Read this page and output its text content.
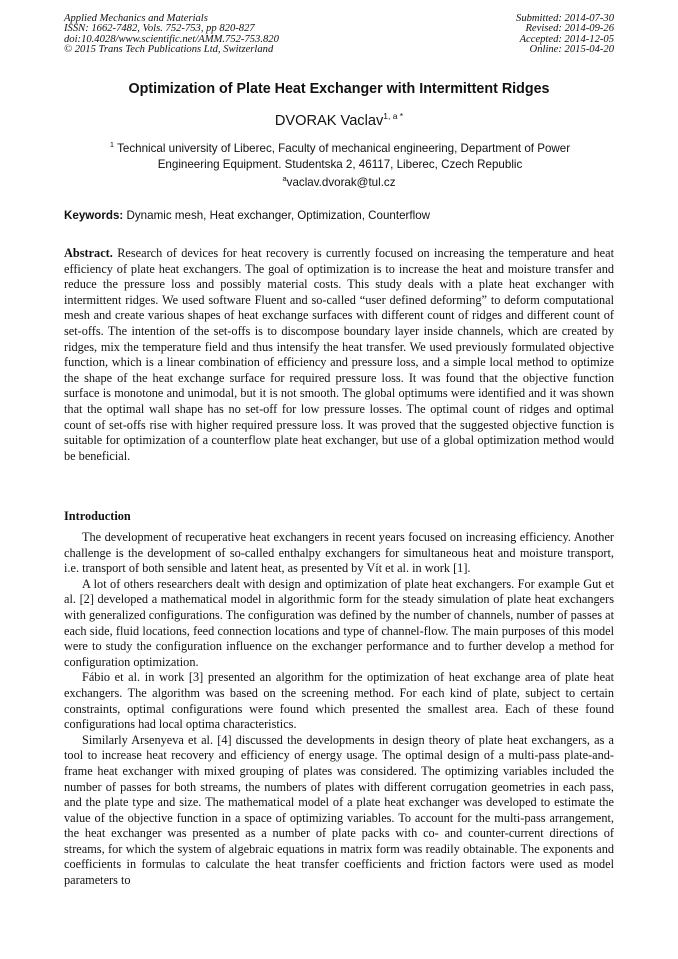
Applied Mechanics and Materials
ISSN: 1662-7482, Vols. 752-753, pp 820-827
doi:10.4028/www.scientific.net/AMM.752-753.820
© 2015 Trans Tech Publications Ltd, Switzerland
Submitted: 2014-07-30
Revised: 2014-09-26
Accepted: 2014-12-05
Online: 2015-04-20
Optimization of Plate Heat Exchanger with Intermittent Ridges
DVORAK Vaclav$^{1, a *}$
$^1$ Technical university of Liberec, Faculty of mechanical engineering, Department of Power Engineering Equipment. Studentska 2, 46117, Liberec, Czech Republic
$^a$vaclav.dvorak@tul.cz
Keywords: Dynamic mesh, Heat exchanger, Optimization, Counterflow

Abstract. Research of devices for heat recovery is currently focused on increasing the temperature and heat efficiency of plate heat exchangers. The goal of optimization is to increase the heat and moisture transfer and reduce the pressure loss and possibly material costs. This study deals with a plate heat exchanger with intermittent ridges. We used software Fluent and so-called “user defined deforming” to deform computational mesh and create various shapes of heat exchange surfaces with different count of ridges and different count of set-offs. The intention of the set-offs is to discompose boundary layer inside channels, which are created by ridges, mix the temperature field and thus intensify the heat transfer. We used previously formulated objective function, which is a linear combination of efficiency and pressure loss, and a simple local method to optimize the shape of the heat exchange surface for required pressure loss. It was found that the objective function surface is monotone and unimodal, but it is not smooth. The global optimums were identified and it was shown that the optimal wall shape has no set-off for low pressure losses. The optimal count of ridges and optimal count of set-offs rise with higher required pressure loss. It was proved that the suggested objective function is suitable for optimization of a counterflow plate heat exchanger, but use of a global optimization method would be beneficial.

Introduction

The development of recuperative heat exchangers in recent years focused on increasing efficiency. Another challenge is the development of so-called enthalpy exchangers for simultaneous heat and moisture transport, i.e. transport of both sensible and latent heat, as presented by Vít et al. in work [1].

A lot of others researchers dealt with design and optimization of plate heat exchangers. For example Gut et al. [2] developed a mathematical model in algorithmic form for the steady simulation of plate heat exchangers with generalized configurations. The configuration was defined by the number of channels, number of passes at each side, fluid locations, feed connection locations and type of channel-flow. The main purposes of this model were to study the configuration influence on the exchanger performance and to further develop a method for configuration optimization.

Fábio et al. in work [3] presented an algorithm for the optimization of heat exchange area of plate heat exchangers. The algorithm was based on the screening method. For each kind of plate, subject to certain constraints, optimal configurations were found which presented the smallest area. Each of these found configurations had local optima characteristics.

Similarly Arsenyeva et al. [4] discussed the developments in design theory of plate heat exchangers, as a tool to increase heat recovery and efficiency of energy usage. The optimal design of a multi-pass plate-and-frame heat exchanger with mixed grouping of plates was considered. The optimizing variables included the number of passes for both streams, the numbers of plates with different corrugation geometries in each pass, and the plate type and size. The mathematical model of a plate heat exchanger was developed to estimate the value of the objective function in a space of optimizing variables. To account for the multi-pass arrangement, the heat exchanger was presented as a number of plate packs with co- and counter-current directions of streams, for which the system of algebraic equations in matrix form was readily obtainable. The exponents and coefficients in formulas to calculate the heat transfer coefficients and friction factors were used as model parameters to
